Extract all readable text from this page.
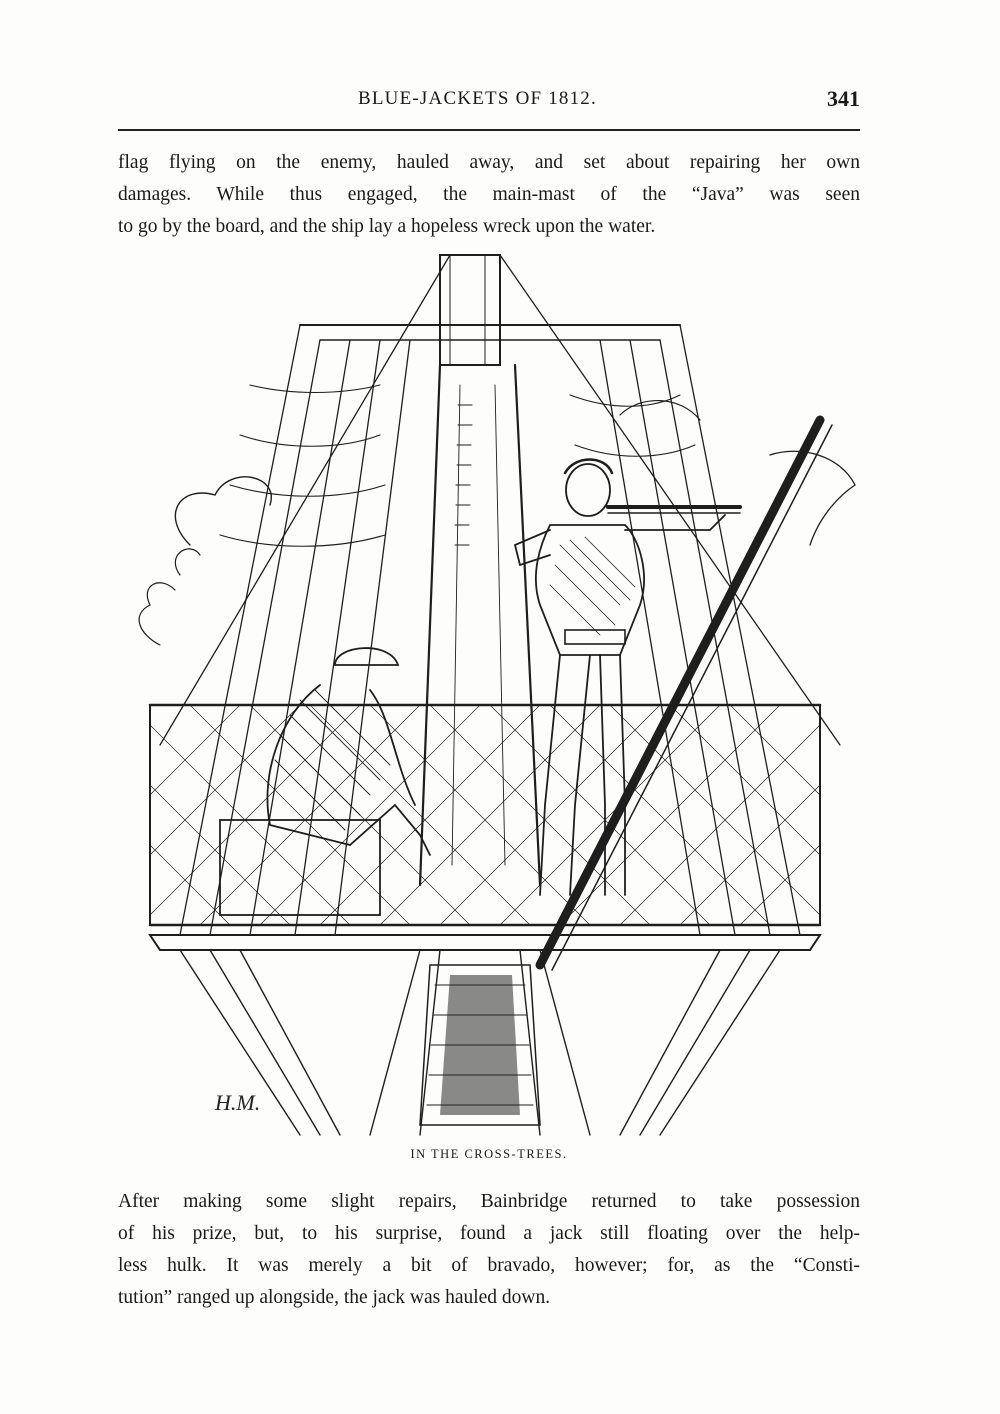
BLUE-JACKETS OF 1812.	341
flag flying on the enemy, hauled away, and set about repairing her own
damages. While thus engaged, the main-mast of the “Java” was seen
to go by the board, and the ship lay a hopeless wreck upon the water.
H.M.
IN THE CROSS-TREES.
After making some slight repairs, Bainbridge returned to take possession
of his prize, but, to his surprise, found a jack still floating over the help-
less hulk. It was merely a bit of bravado, however; for, as the “Consti-
tution” ranged up alongside, the jack was hauled down.
